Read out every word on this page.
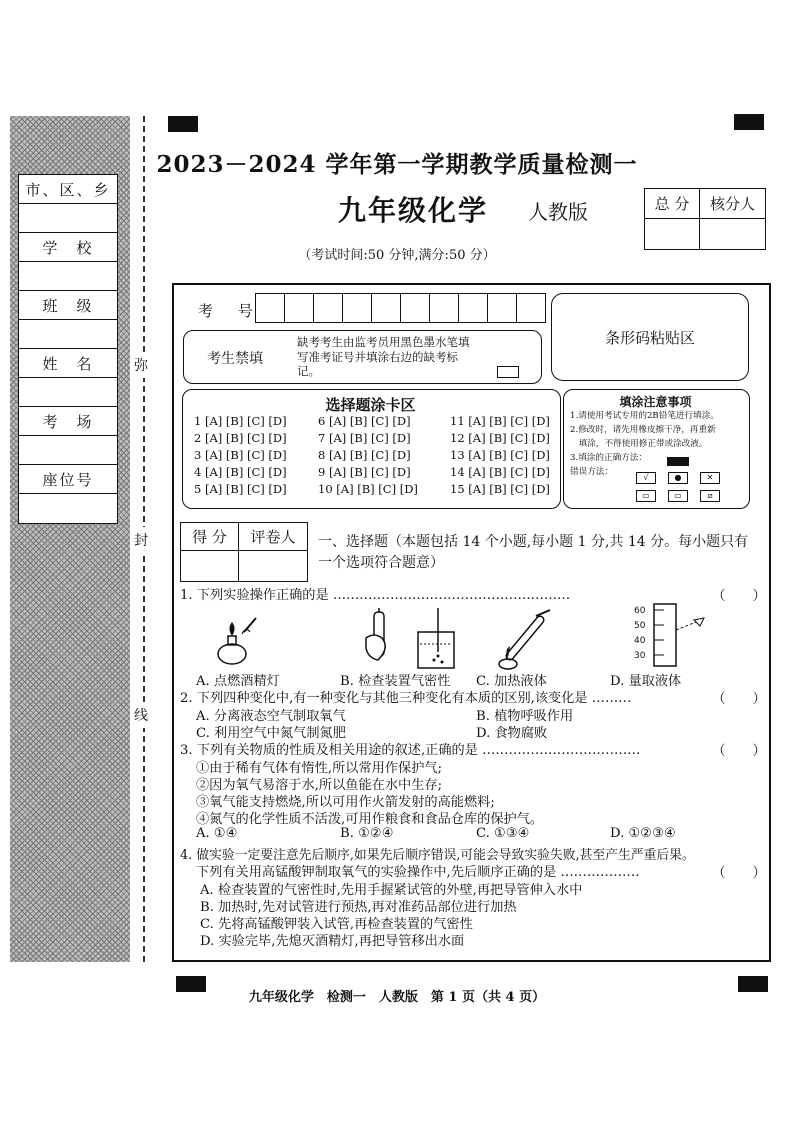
市、区、乡
学　校
班　级
姓　名
考　场
座位号
弥
封
线
2023－2024 学年第一学期教学质量检测一
九年级化学 人教版
（考试时间:50 分钟,满分:50 分）
总 分	核分人
考 号
条形码粘贴区
考生禁填
缺考考生由监考员用黑色墨水笔填写准考证号并填涂右边的缺考标记。
选择题涂卡区
1 [A] [B] [C] [D]	6 [A] [B] [C] [D]	11 [A] [B] [C] [D]
2 [A] [B] [C] [D]	7 [A] [B] [C] [D]	12 [A] [B] [C] [D]
3 [A] [B] [C] [D]	8 [A] [B] [C] [D]	13 [A] [B] [C] [D]
4 [A] [B] [C] [D]	9 [A] [B] [C] [D]	14 [A] [B] [C] [D]
5 [A] [B] [C] [D]	10 [A] [B] [C] [D]	15 [A] [B] [C] [D]
填涂注意事项
1.请使用考试专用的2B铅笔进行填涂。
2.修改时，请先用橡皮擦干净，再重新
　填涂，不得使用修正带或涂改液。
3.填涂的正确方法：
错误方法：
√	●	✕
▭	▭	⧄
得 分	评卷人	一、选择题（本题包括 14 个小题,每小题 1 分,共 14 分。每小题只有一个选项符合题意）
1. 下列实验操作正确的是 ………………………………………………	（　　）
60
50
40
30
A. 点燃酒精灯	B. 检查装置气密性 C. 加热液体	D. 量取液体
2. 下列四种变化中,有一种变化与其他三种变化有本质的区别,该变化是 ………	（　　）
A. 分离液态空气制取氧气	B. 植物呼吸作用
C. 利用空气中氮气制氮肥	D. 食物腐败
3. 下列有关物质的性质及相关用途的叙述,正确的是 ………………………………	（　　）
①由于稀有气体有惰性,所以常用作保护气;
②因为氧气易溶于水,所以鱼能在水中生存;
③氧气能支持燃烧,所以可用作火箭发射的高能燃料;
④氮气的化学性质不活泼,可用作粮食和食品仓库的保护气。
A. ①④	B. ①②④	C. ①③④	D. ①②③④
4. 做实验一定要注意先后顺序,如果先后顺序错误,可能会导致实验失败,甚至产生严重后果。
下列有关用高锰酸钾制取氧气的实验操作中,先后顺序正确的是 ………………	（　　）
A. 检查装置的气密性时,先用手握紧试管的外壁,再把导管伸入水中
B. 加热时,先对试管进行预热,再对准药品部位进行加热
C. 先将高锰酸钾装入试管,再检查装置的气密性
D. 实验完毕,先熄灭酒精灯,再把导管移出水面
九年级化学　检测一　人教版　第 1 页（共 4 页）
